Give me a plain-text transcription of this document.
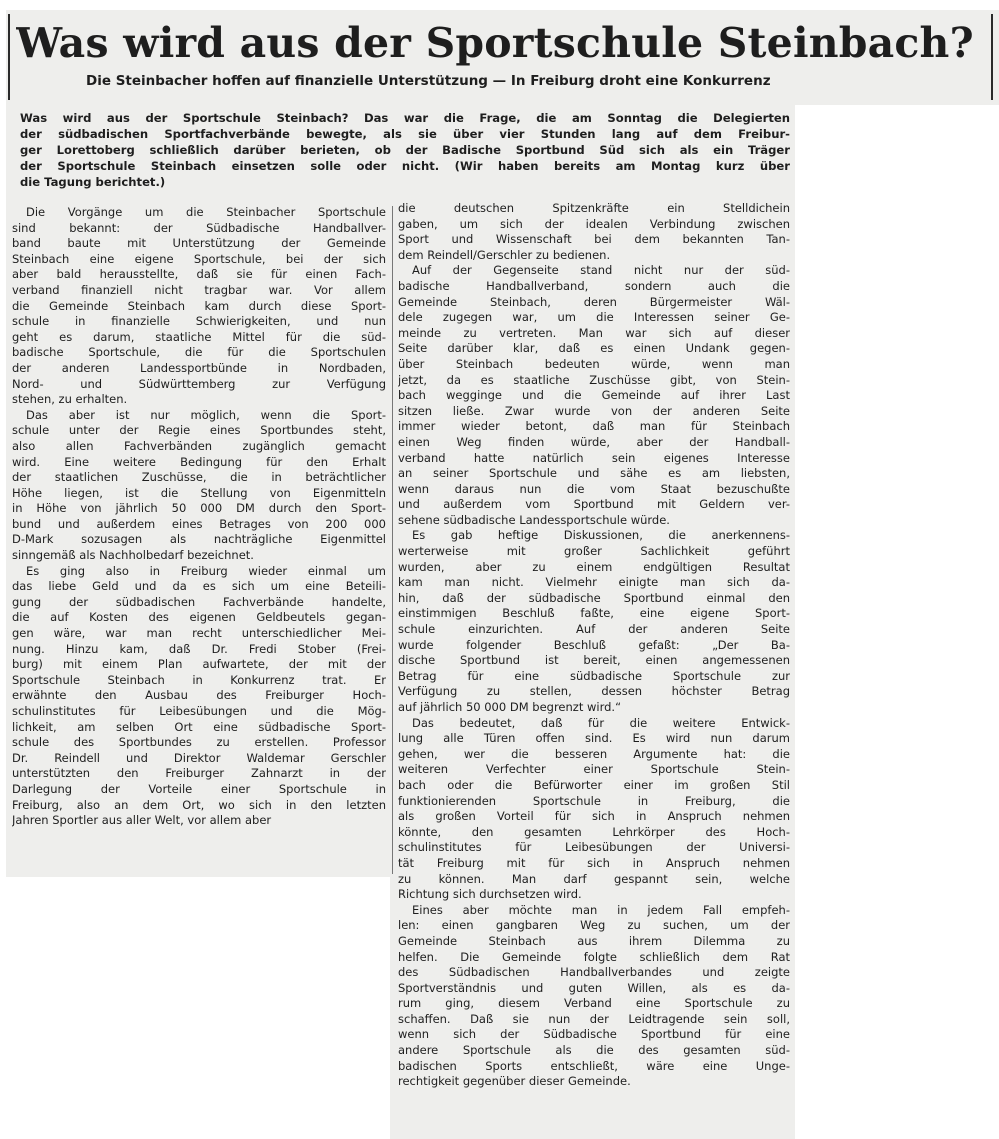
Was wird aus der Sportschule Steinbach?
Die Steinbacher hoffen auf finanzielle Unterstützung — In Freiburg droht eine Konkurrenz
Was wird aus der Sportschule Steinbach? Das war die Frage, die am Sonntag die Delegierten
der südbadischen Sportfachverbände bewegte, als sie über vier Stunden lang auf dem Freibur-
ger Lorettoberg schließlich darüber berieten, ob der Badische Sportbund Süd sich als ein Träger
der Sportschule Steinbach einsetzen solle oder nicht. (Wir haben bereits am Montag kurz über
die Tagung berichtet.)
Die Vorgänge um die Steinbacher Sportschule
sind bekannt: der Südbadische Handballver-
band baute mit Unterstützung der Gemeinde
Steinbach eine eigene Sportschule, bei der sich
aber bald herausstellte, daß sie für einen Fach-
verband finanziell nicht tragbar war. Vor allem
die Gemeinde Steinbach kam durch diese Sport-
schule in finanzielle Schwierigkeiten, und nun
geht es darum, staatliche Mittel für die süd-
badische Sportschule, die für die Sportschulen
der anderen Landessportbünde in Nordbaden,
Nord- und Südwürttemberg zur Verfügung
stehen, zu erhalten.
Das aber ist nur möglich, wenn die Sport-
schule unter der Regie eines Sportbundes steht,
also allen Fachverbänden zugänglich gemacht
wird. Eine weitere Bedingung für den Erhalt
der staatlichen Zuschüsse, die in beträchtlicher
Höhe liegen, ist die Stellung von Eigenmitteln
in Höhe von jährlich 50 000 DM durch den Sport-
bund und außerdem eines Betrages von 200 000
D-Mark sozusagen als nachträgliche Eigenmittel
sinngemäß als Nachholbedarf bezeichnet.
Es ging also in Freiburg wieder einmal um
das liebe Geld und da es sich um eine Beteili-
gung der südbadischen Fachverbände handelte,
die auf Kosten des eigenen Geldbeutels gegan-
gen wäre, war man recht unterschiedlicher Mei-
nung. Hinzu kam, daß Dr. Fredi Stober (Frei-
burg) mit einem Plan aufwartete, der mit der
Sportschule Steinbach in Konkurrenz trat. Er
erwähnte den Ausbau des Freiburger Hoch-
schulinstitutes für Leibesübungen und die Mög-
lichkeit, am selben Ort eine südbadische Sport-
schule des Sportbundes zu erstellen. Professor
Dr. Reindell und Direktor Waldemar Gerschler
unterstützten den Freiburger Zahnarzt in der
Darlegung der Vorteile einer Sportschule in
Freiburg, also an dem Ort, wo sich in den letzten
Jahren Sportler aus aller Welt, vor allem aber
die deutschen Spitzenkräfte ein Stelldichein
gaben, um sich der idealen Verbindung zwischen
Sport und Wissenschaft bei dem bekannten Tan-
dem Reindell/Gerschler zu bedienen.
Auf der Gegenseite stand nicht nur der süd-
badische Handballverband, sondern auch die
Gemeinde Steinbach, deren Bürgermeister Wäl-
dele zugegen war, um die Interessen seiner Ge-
meinde zu vertreten. Man war sich auf dieser
Seite darüber klar, daß es einen Undank gegen-
über Steinbach bedeuten würde, wenn man
jetzt, da es staatliche Zuschüsse gibt, von Stein-
bach weggingе und die Gemeinde auf ihrer Last
sitzen ließe. Zwar wurde von der anderen Seite
immer wieder betont, daß man für Steinbach
einen Weg finden würde, aber der Handball-
verband hatte natürlich sein eigenes Interesse
an seiner Sportschule und sähe es am liebsten,
wenn daraus nun die vom Staat bezuschußte
und außerdem vom Sportbund mit Geldern ver-
sehene südbadische Landessportschule würde.
Es gab heftige Diskussionen, die anerkennens-
werterweise mit großer Sachlichkeit geführt
wurden, aber zu einem endgültigen Resultat
kam man nicht. Vielmehr einigte man sich da-
hin, daß der südbadische Sportbund einmal den
einstimmigen Beschluß faßte, eine eigene Sport-
schule einzurichten. Auf der anderen Seite
wurde folgender Beschluß gefaßt: „Der Ba-
dische Sportbund ist bereit, einen angemessenen
Betrag für eine südbadische Sportschule zur
Verfügung zu stellen, dessen höchster Betrag
auf jährlich 50 000 DM begrenzt wird.“
Das bedeutet, daß für die weitere Entwick-
lung alle Türen offen sind. Es wird nun darum
gehen, wer die besseren Argumente hat: die
weiteren Verfechter einer Sportschule Stein-
bach oder die Befürworter einer im großen Stil
funktionierenden Sportschule in Freiburg, die
als großen Vorteil für sich in Anspruch nehmen
könnte, den gesamten Lehrkörper des Hoch-
schulinstitutes für Leibesübungen der Universi-
tät Freiburg mit für sich in Anspruch nehmen
zu können. Man darf gespannt sein, welche
Richtung sich durchsetzen wird.
Eines aber möchte man in jedem Fall empfeh-
len: einen gangbaren Weg zu suchen, um der
Gemeinde Steinbach aus ihrem Dilemma zu
helfen. Die Gemeinde folgte schließlich dem Rat
des Südbadischen Handballverbandes und zeigte
Sportverständnis und guten Willen, als es da-
rum ging, diesem Verband eine Sportschule zu
schaffen. Daß sie nun der Leidtragende sein soll,
wenn sich der Südbadische Sportbund für eine
andere Sportschule als die des gesamten süd-
badischen Sports entschließt, wäre eine Unge-
rechtigkeit gegenüber dieser Gemeinde.
